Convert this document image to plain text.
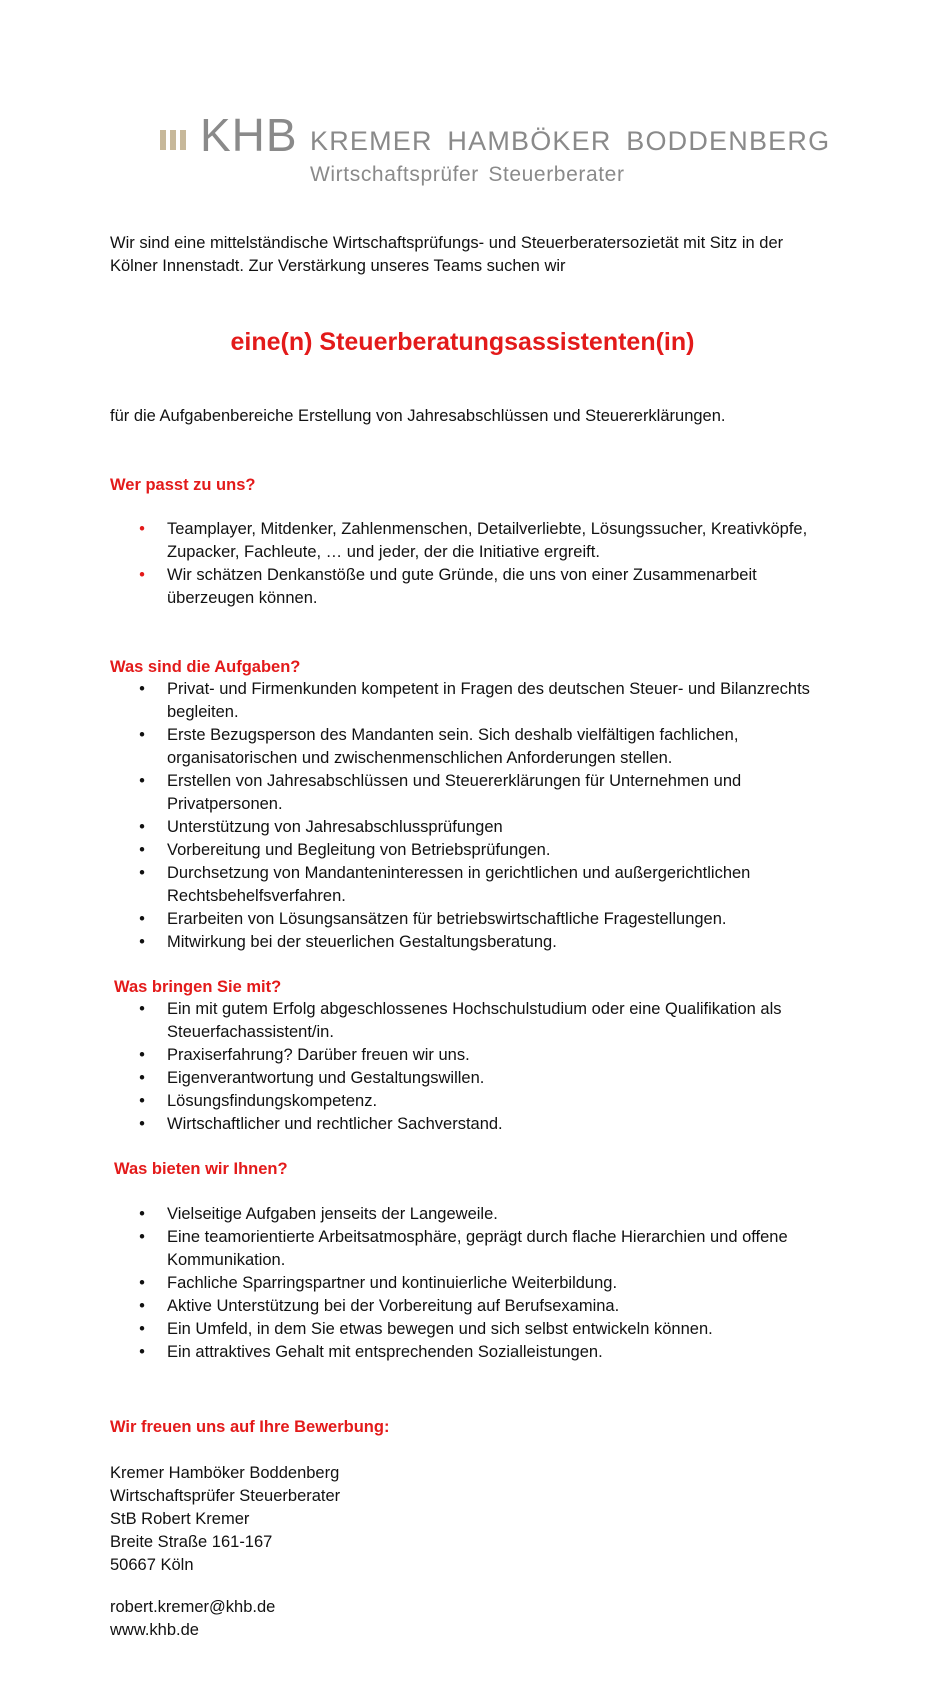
KHB KREMER HAMBÖKER BODDENBERG
Wirtschaftsprüfer Steuerberater
Wir sind eine mittelständische Wirtschaftsprüfungs- und Steuerberatersozietät mit Sitz in der Kölner Innenstadt. Zur Verstärkung unseres Teams suchen wir
eine(n) Steuerberatungsassistenten(in)
für die Aufgabenbereiche Erstellung von Jahresabschlüssen und Steuererklärungen.
Wer passt zu uns?
• Teamplayer, Mitdenker, Zahlenmenschen, Detailverliebte, Lösungssucher, Kreativköpfe, Zupacker, Fachleute, … und jeder, der die Initiative ergreift.
• Wir schätzen Denkanstöße und gute Gründe, die uns von einer Zusammenarbeit überzeugen können.
Was sind die Aufgaben?
• Privat- und Firmenkunden kompetent in Fragen des deutschen Steuer- und Bilanzrechts begleiten.
• Erste Bezugsperson des Mandanten sein. Sich deshalb vielfältigen fachlichen, organisatorischen und zwischenmenschlichen Anforderungen stellen.
• Erstellen von Jahresabschlüssen und Steuererklärungen für Unternehmen und Privatpersonen.
• Unterstützung von Jahresabschlussprüfungen
• Vorbereitung und Begleitung von Betriebsprüfungen.
• Durchsetzung von Mandanteninteressen in gerichtlichen und außergerichtlichen Rechtsbehelfsverfahren.
• Erarbeiten von Lösungsansätzen für betriebswirtschaftliche Fragestellungen.
• Mitwirkung bei der steuerlichen Gestaltungsberatung.
Was bringen Sie mit?
• Ein mit gutem Erfolg abgeschlossenes Hochschulstudium oder eine Qualifikation als Steuerfachassistent/in.
• Praxiserfahrung? Darüber freuen wir uns.
• Eigenverantwortung und Gestaltungswillen.
• Lösungsfindungskompetenz.
• Wirtschaftlicher und rechtlicher Sachverstand.
Was bieten wir Ihnen?
• Vielseitige Aufgaben jenseits der Langeweile.
• Eine teamorientierte Arbeitsatmosphäre, geprägt durch flache Hierarchien und offene Kommunikation.
• Fachliche Sparringspartner und kontinuierliche Weiterbildung.
• Aktive Unterstützung bei der Vorbereitung auf Berufsexamina.
• Ein Umfeld, in dem Sie etwas bewegen und sich selbst entwickeln können.
• Ein attraktives Gehalt mit entsprechenden Sozialleistungen.
Wir freuen uns auf Ihre Bewerbung:
Kremer Hamböker Boddenberg
Wirtschaftsprüfer Steuerberater
StB Robert Kremer
Breite Straße 161-167
50667 Köln
robert.kremer@khb.de
www.khb.de
